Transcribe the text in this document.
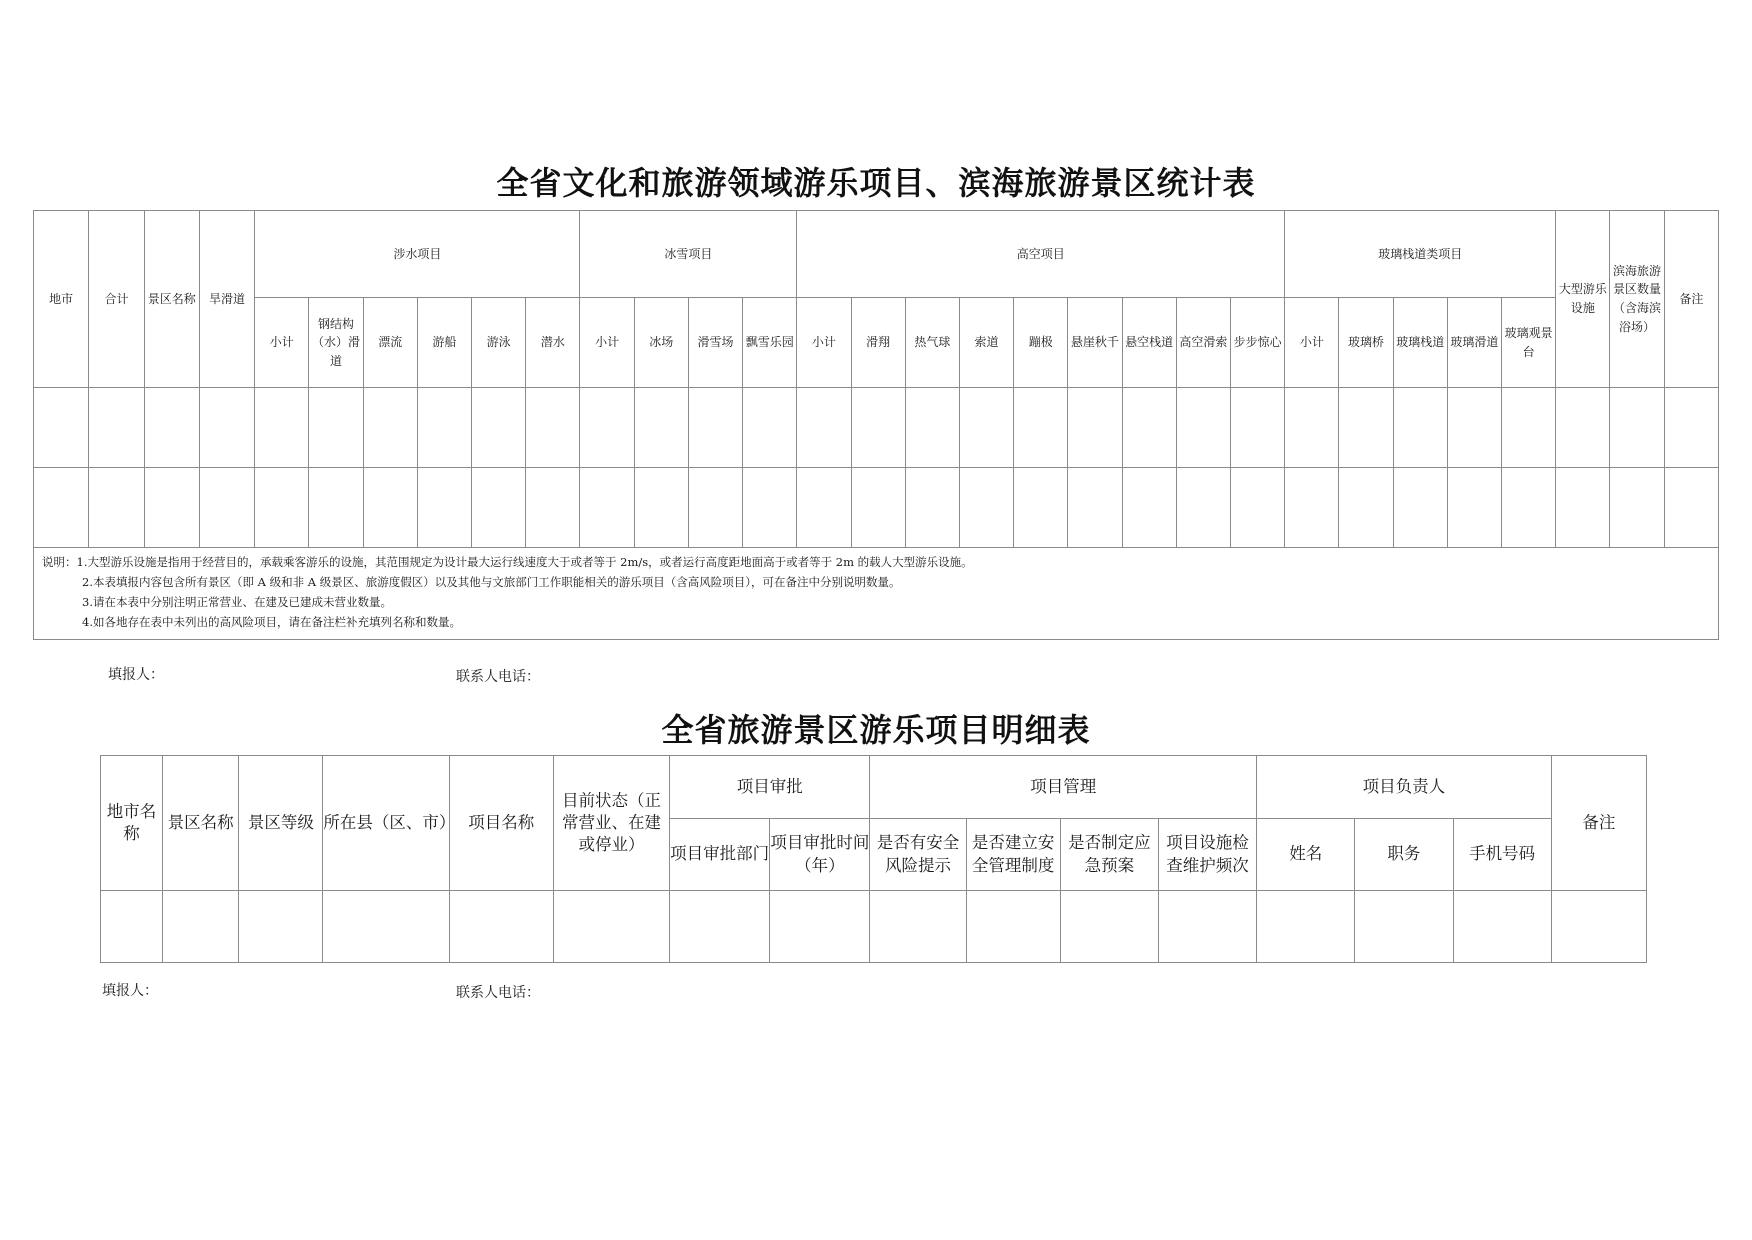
全省文化和旅游领域游乐项目、滨海旅游景区统计表
地市	合计	景区名称	旱滑道	涉水项目						冰雪项目				高空项目									玻璃栈道类项目					大型游乐设施	滨海旅游景区数量（含海滨浴场）	备注
				小计	钢结构（水）滑道	漂流	游船	游泳	潜水	小计	冰场	滑雪场	飘雪乐园	小计	滑翔	热气球	索道	蹦极	悬崖秋千	悬空栈道	高空滑索	步步惊心	小计	玻璃桥	玻璃栈道	玻璃滑道	玻璃观景台			

说明：1.大型游乐设施是指用于经营目的，承载乘客游乐的设施，其范围规定为设计最大运行线速度大于或者等于 2m/s，或者运行高度距地面高于或者等于 2m 的载人大型游乐设施。
2.本表填报内容包含所有景区（即 A 级和非 A 级景区、旅游度假区）以及其他与文旅部门工作职能相关的游乐项目（含高风险项目），可在备注中分别说明数量。
3.请在本表中分别注明正常营业、在建及已建成未营业数量。
4.如各地存在表中未列出的高风险项目，请在备注栏补充填列名称和数量。																														
填报人：	联系人电话：
全省旅游景区游乐项目明细表
地市名称	景区名称	景区等级	所在县（区、市）	项目名称	目前状态（正常营业、在建或停业）	项目审批		项目管理				项目负责人			备注
						项目审批部门	项目审批时间（年）	是否有安全风险提示	是否建立安全管理制度	是否制定应急预案	项目设施检查维护频次	姓名	职务	手机号码	

填报人：	联系人电话：
